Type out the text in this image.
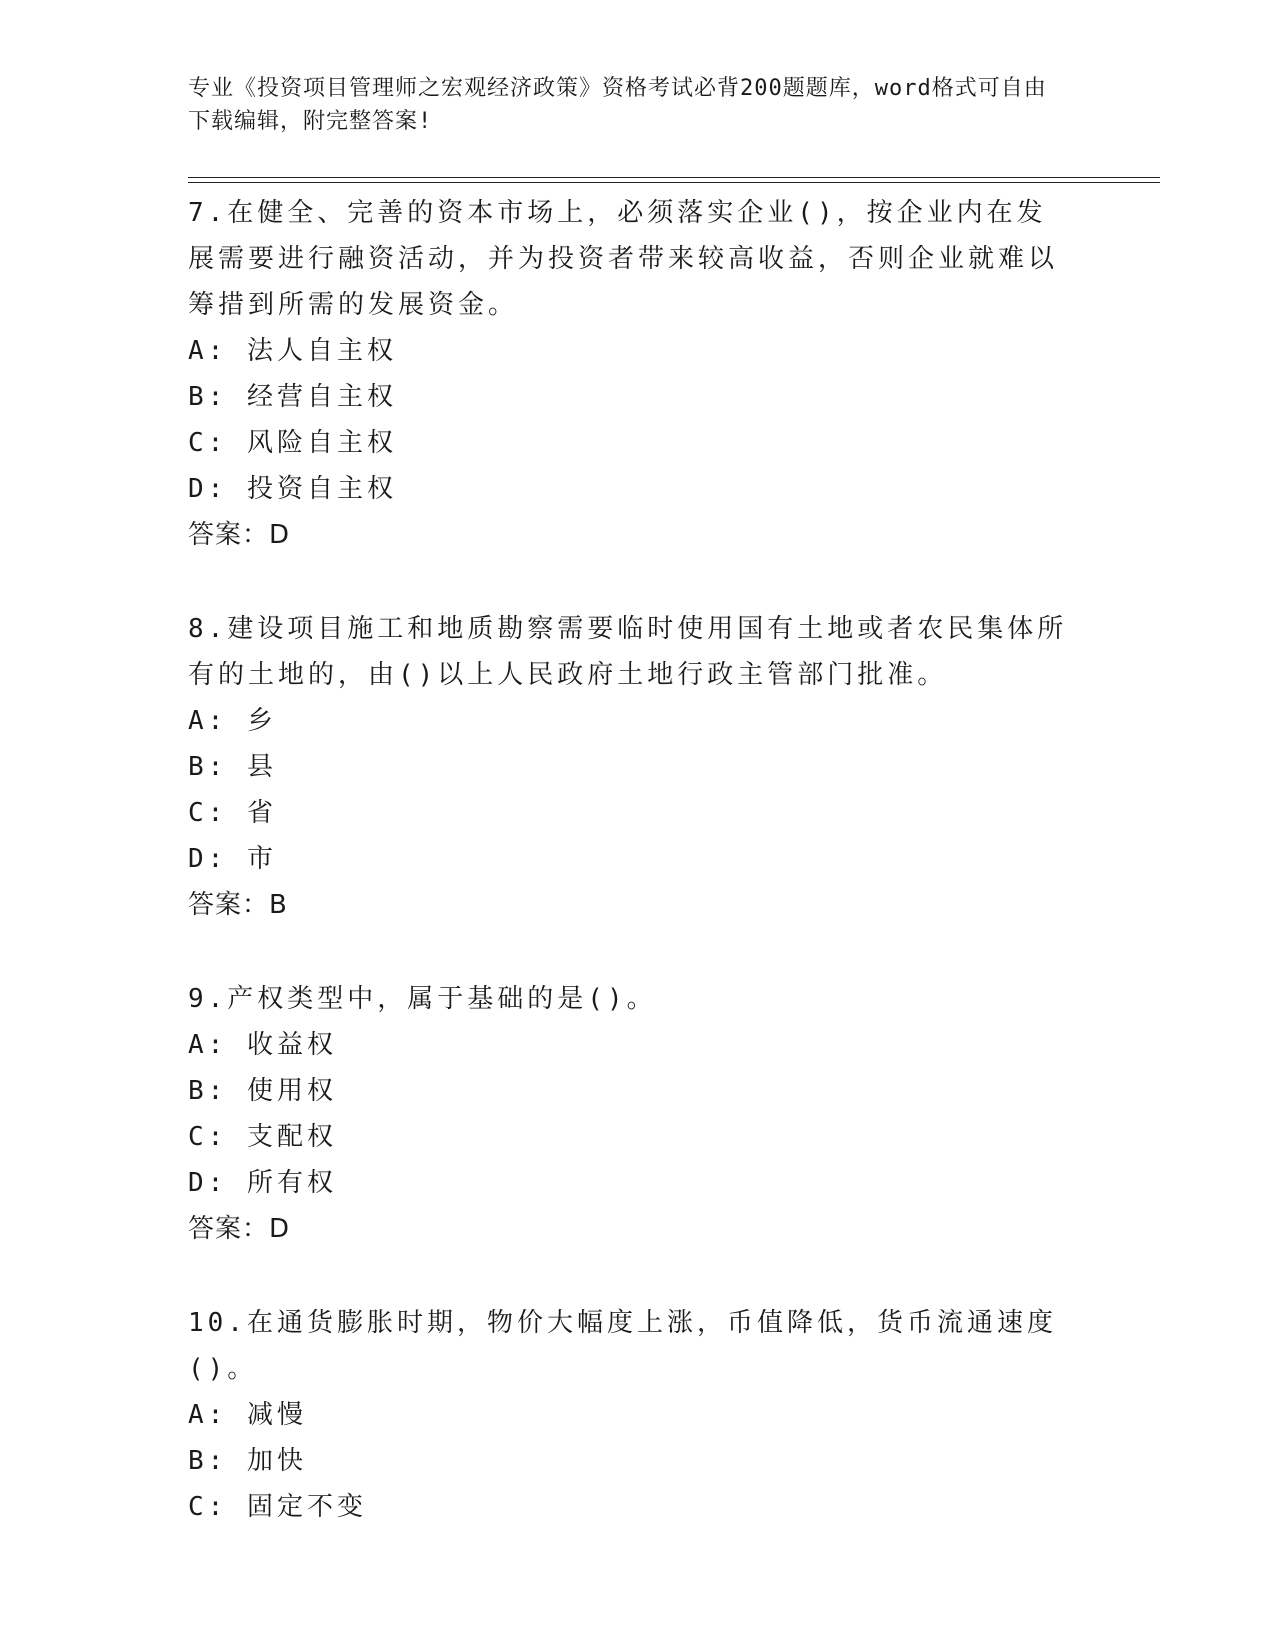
专业《投资项目管理师之宏观经济政策》资格考试必背200题题库，word格式可自由下载编辑，附完整答案!
7.在健全、完善的资本市场上，必须落实企业()，按企业内在发展需要进行融资活动，并为投资者带来较高收益，否则企业就难以筹措到所需的发展资金。
A: 法人自主权
B: 经营自主权
C: 风险自主权
D: 投资自主权
答案：D
8.建设项目施工和地质勘察需要临时使用国有土地或者农民集体所有的土地的，由()以上人民政府土地行政主管部门批准。
A: 乡
B: 县
C: 省
D: 市
答案：B
9.产权类型中，属于基础的是()。
A: 收益权
B: 使用权
C: 支配权
D: 所有权
答案：D
10.在通货膨胀时期，物价大幅度上涨，币值降低，货币流通速度()。
A: 减慢
B: 加快
C: 固定不变
